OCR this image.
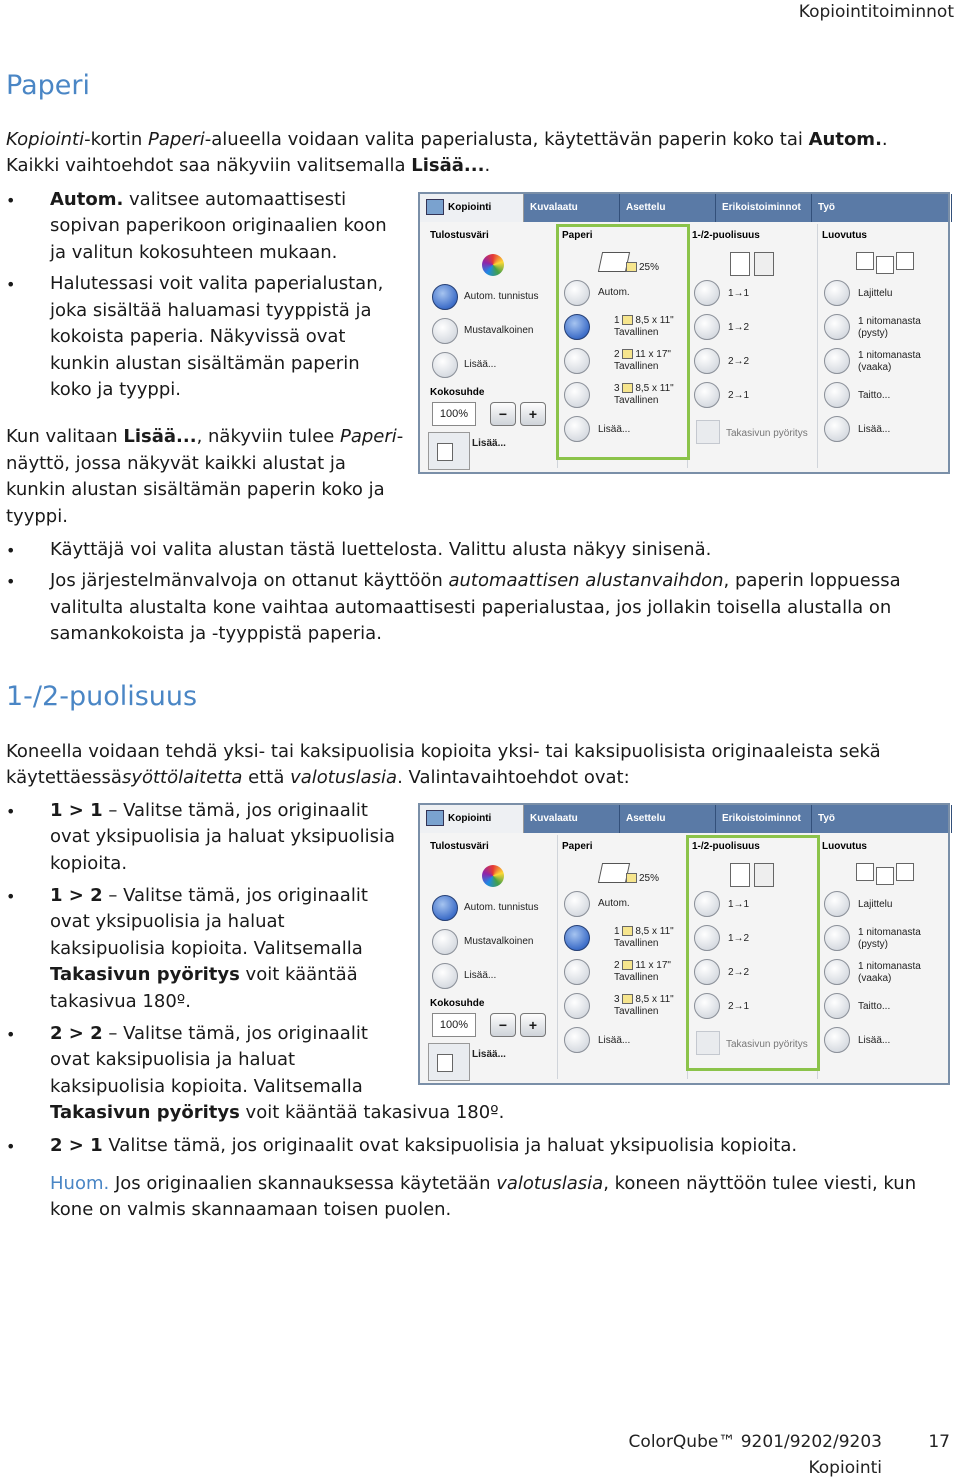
Kopiointitoiminnot
Paperi

Kopiointi-kortin Paperi-alueella voidaan valita paperialusta, käytettävän paperin koko tai Autom..

Kaikki vaihtoehdot saa näkyviin valitsemalla Lisää....

• Autom. valitsee automaattisesti

sopivan paperikoon originaalien koon

ja valitun kokosuhteen mukaan.

• Halutessasi voit valita paperialustan,

joka sisältää haluamasi tyyppistä ja

kokoista paperia. Näkyvissä ovat

kunkin alustan sisältämän paperin

koko ja tyyppi.

Kun valitaan Lisää..., näkyviin tulee Paperi-

näyttö, jossa näkyvät kaikki alustat ja

kunkin alustan sisältämän paperin koko ja

tyyppi.

• Käyttäjä voi valita alustan tästä luettelosta. Valittu alusta näkyy sinisenä.

• Jos järjestelmänvalvoja on ottanut käyttöön automaattisen alustanvaihdon, paperin loppuessa

valitulta alustalta kone vaihtaa automaattisesti paperialustaa, jos jollakin toisella alustalla on

samankokoista ja -tyyppistä paperia.

1-/2-puolisuus

Koneella voidaan tehdä yksi- tai kaksipuolisia kopioita yksi- tai kaksipuolisista originaaleista sekä

käytettäessäsyöttölaitetta että valotuslasia. Valintavaihtoehdot ovat:

• 1 > 1 – Valitse tämä, jos originaalit

ovat yksipuolisia ja haluat yksipuolisia

kopioita.

• 1 > 2 – Valitse tämä, jos originaalit

ovat yksipuolisia ja haluat

kaksipuolisia kopioita. Valitsemalla

Takasivun pyöritys voit kääntää

takasivua 180º.

• 2 > 2 – Valitse tämä, jos originaalit

ovat kaksipuolisia ja haluat

kaksipuolisia kopioita. Valitsemalla

Takasivun pyöritys voit kääntää takasivua 180º.

• 2 > 1 Valitse tämä, jos originaalit ovat kaksipuolisia ja haluat yksipuolisia kopioita.

Huom. Jos originaalien skannauksessa käytetään valotuslasia, koneen näyttöön tulee viesti, kun

kone on valmis skannaamaan toisen puolen.

Kopiointi	Kuvalaatu	Asettelu	Erikoistoiminnot	Työ
Tulostusväri	Paperi	1-/2-puolisuus	Luovutus
Autom. tunnistus
Mustavalkoinen
Lisää...
Kokosuhde
100%	−	+
Lisää...
25%
Autom.
1 8,5 x 11"
Tavallinen
2 11 x 17"
Tavallinen
3 8,5 x 11"
Tavallinen
Lisää...
1→1
1→2
2→2
2→1
Takasivun pyöritys
Lajittelu
1 nitomanasta
(pysty)
1 nitomanasta
(vaaka)
Taitto...
Lisää...
Kopiointi	Kuvalaatu	Asettelu	Erikoistoiminnot	Työ
Tulostusväri	Paperi	1-/2-puolisuus	Luovutus
Autom. tunnistus
Mustavalkoinen
Lisää...
Kokosuhde
100%	−	+
Lisää...
25%
Autom.
1 8,5 x 11"
Tavallinen
2 11 x 17"
Tavallinen
3 8,5 x 11"
Tavallinen
Lisää...
1→1
1→2
2→2
2→1
Takasivun pyöritys
Lajittelu
1 nitomanasta
(pysty)
1 nitomanasta
(vaaka)
Taitto...
Lisää...
ColorQube™ 9201/9202/9203
Kopiointi
17
